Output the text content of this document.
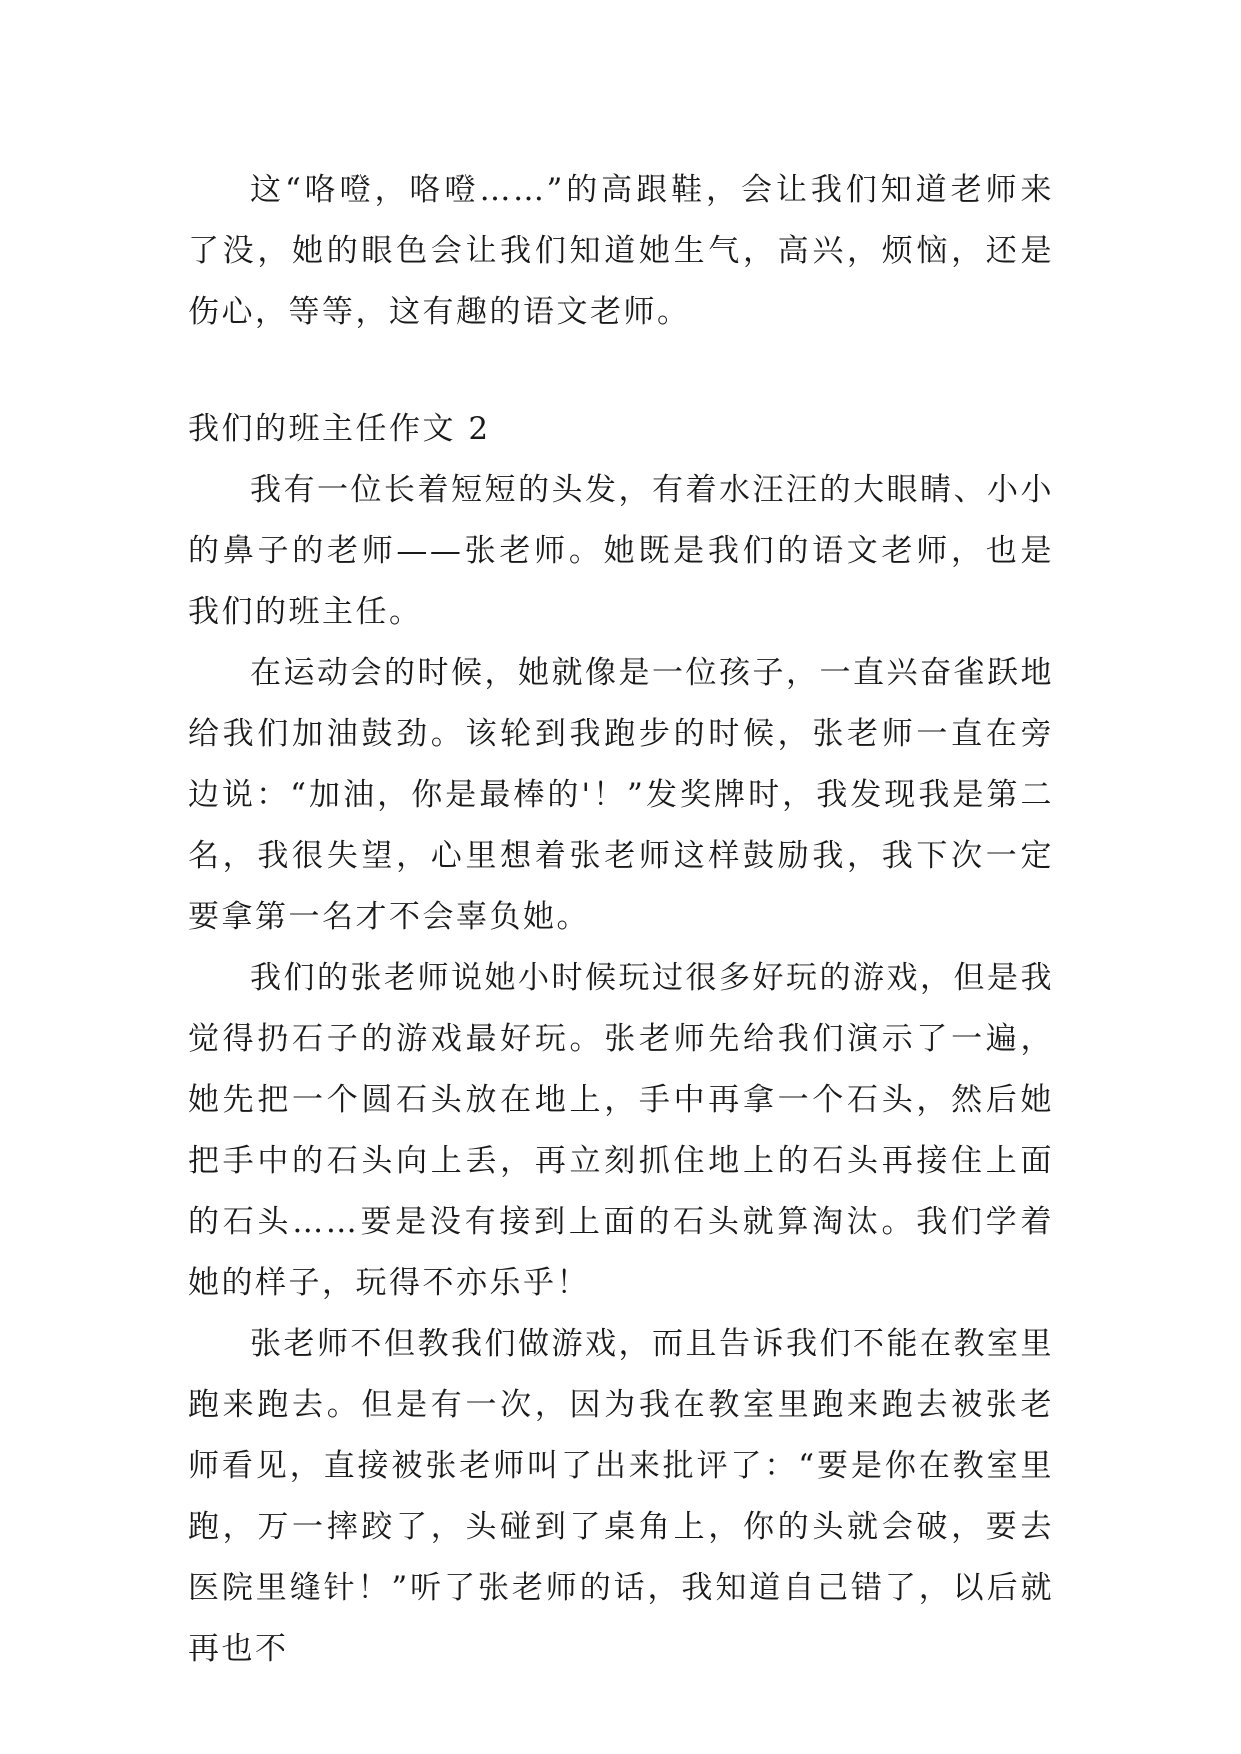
这“咯噔，咯噔……”的高跟鞋，会让我们知道老师来了没，她的眼色会让我们知道她生气，高兴，烦恼，还是伤心，等等，这有趣的语文老师。

我们的班主任作文 2

我有一位长着短短的头发，有着水汪汪的大眼睛、小小的鼻子的老师——张老师。她既是我们的语文老师，也是我们的班主任。

在运动会的时候，她就像是一位孩子，一直兴奋雀跃地给我们加油鼓劲。该轮到我跑步的时候，张老师一直在旁边说：“加油，你是最棒的'！”发奖牌时，我发现我是第二名，我很失望，心里想着张老师这样鼓励我，我下次一定要拿第一名才不会辜负她。

我们的张老师说她小时候玩过很多好玩的游戏，但是我觉得扔石子的游戏最好玩。张老师先给我们演示了一遍，她先把一个圆石头放在地上，手中再拿一个石头，然后她把手中的石头向上丢，再立刻抓住地上的石头再接住上面的石头……要是没有接到上面的石头就算淘汰。我们学着她的样子，玩得不亦乐乎！

张老师不但教我们做游戏，而且告诉我们不能在教室里跑来跑去。但是有一次，因为我在教室里跑来跑去被张老师看见，直接被张老师叫了出来批评了：“要是你在教室里跑，万一摔跤了，头碰到了桌角上，你的头就会破，要去医院里缝针！”听了张老师的话，我知道自己错了，以后就再也不
